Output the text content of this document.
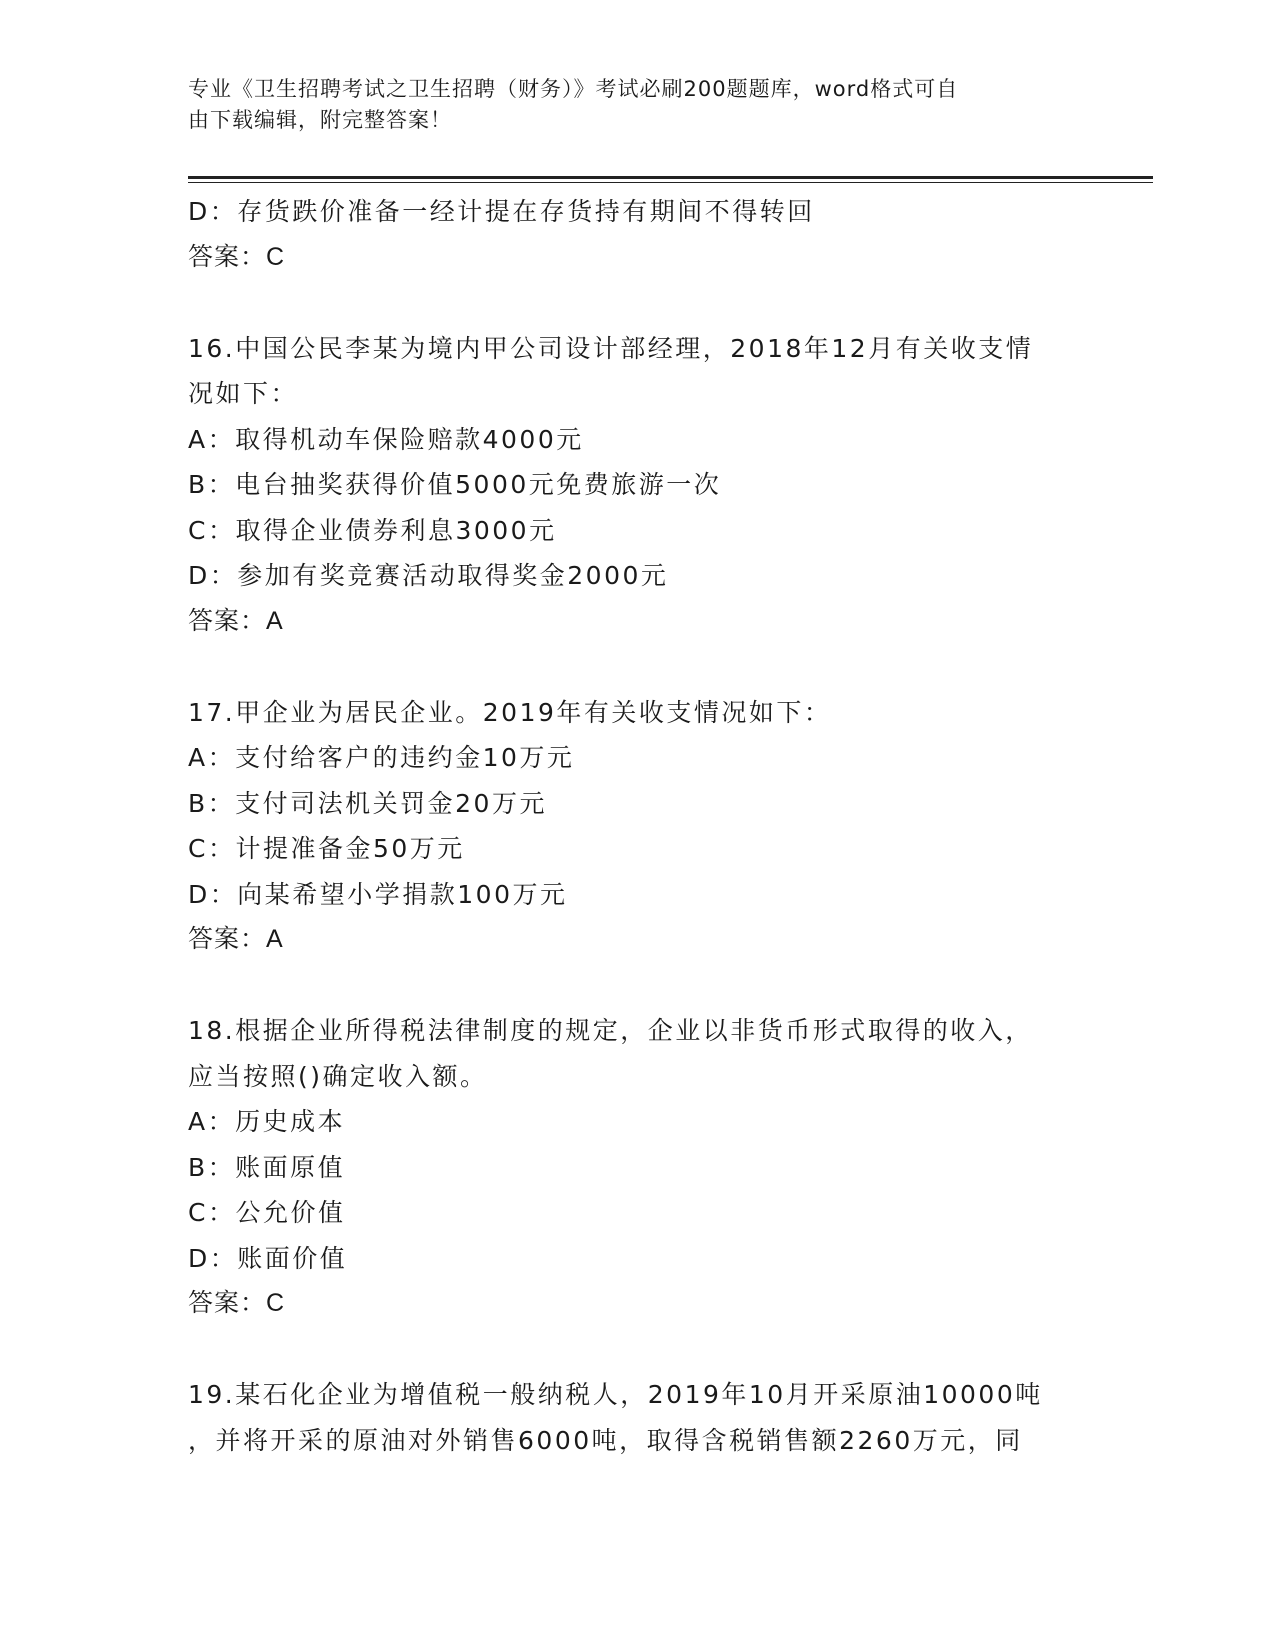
专业《卫生招聘考试之卫生招聘（财务）》考试必刷200题题库，word格式可自
由下载编辑，附完整答案！
D：存货跌价准备一经计提在存货持有期间不得转回
答案：C
16.中国公民李某为境内甲公司设计部经理，2018年12月有关收支情
况如下：
A：取得机动车保险赔款4000元
B：电台抽奖获得价值5000元免费旅游一次
C：取得企业债券利息3000元
D：参加有奖竞赛活动取得奖金2000元
答案：A
17.甲企业为居民企业。2019年有关收支情况如下：
A：支付给客户的违约金10万元
B：支付司法机关罚金20万元
C：计提准备金50万元
D：向某希望小学捐款100万元
答案：A
18.根据企业所得税法律制度的规定，企业以非货币形式取得的收入，
应当按照()确定收入额。
A：历史成本
B：账面原值
C：公允价值
D：账面价值
答案：C
19.某石化企业为增值税一般纳税人，2019年10月开采原油10000吨
，并将开采的原油对外销售6000吨，取得含税销售额2260万元，同
